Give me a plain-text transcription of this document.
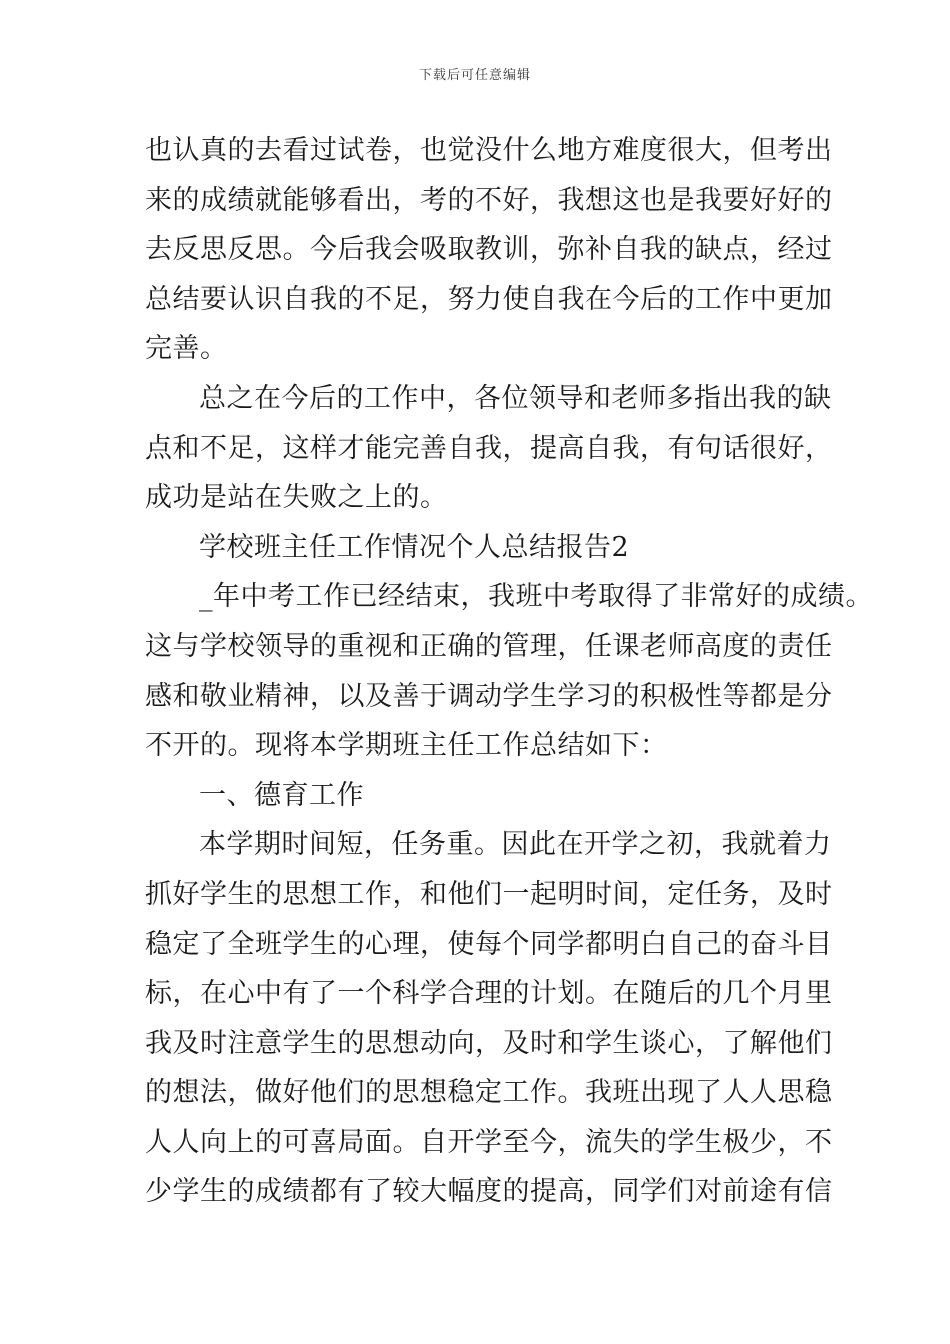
下载后可任意编辑
也认真的去看过试卷，也觉没什么地方难度很大，但考出
来的成绩就能够看出，考的不好，我想这也是我要好好的
去反思反思。今后我会吸取教训，弥补自我的缺点，经过
总结要认识自我的不足，努力使自我在今后的工作中更加
完善。
总之在今后的工作中，各位领导和老师多指出我的缺
点和不足，这样才能完善自我，提高自我，有句话很好，
成功是站在失败之上的。
学校班主任工作情况个人总结报告2
_年中考工作已经结束，我班中考取得了非常好的成绩。
这与学校领导的重视和正确的管理，任课老师高度的责任
感和敬业精神，以及善于调动学生学习的积极性等都是分
不开的。现将本学期班主任工作总结如下：
一、德育工作
本学期时间短，任务重。因此在开学之初，我就着力
抓好学生的思想工作，和他们一起明时间，定任务，及时
稳定了全班学生的心理，使每个同学都明白自己的奋斗目
标，在心中有了一个科学合理的计划。在随后的几个月里
我及时注意学生的思想动向，及时和学生谈心，了解他们
的想法，做好他们的思想稳定工作。我班出现了人人思稳
人人向上的可喜局面。自开学至今，流失的学生极少，不
少学生的成绩都有了较大幅度的提高，同学们对前途有信
